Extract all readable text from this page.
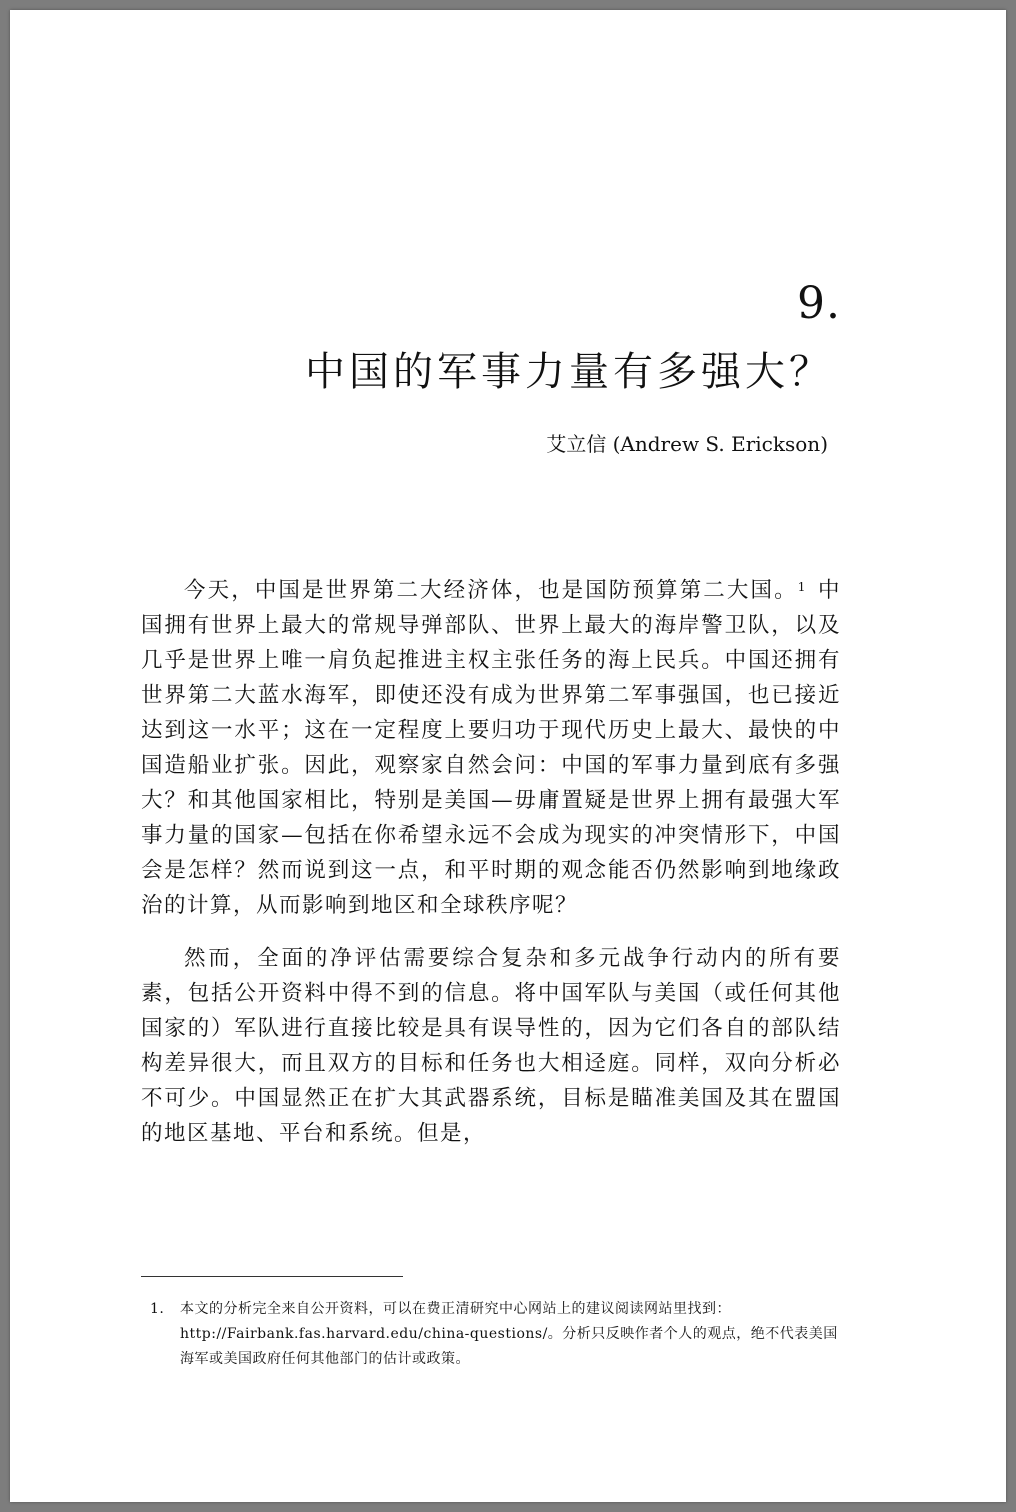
9.
中国的军事力量有多强大？
艾立信 (Andrew S. Erickson)

今天，中国是世界第二大经济体，也是国防预算第二大国。$^1$ 中国拥有世界上最大的常规导弹部队、世界上最大的海岸警卫队，以及几乎是世界上唯一肩负起推进主权主张任务的海上民兵。中国还拥有世界第二大蓝水海军，即使还没有成为世界第二军事强国，也已接近达到这一水平；这在一定程度上要归功于现代历史上最大、最快的中国造船业扩张。因此，观察家自然会问：中国的军事力量到底有多强大？和其他国家相比，特别是美国—毋庸置疑是世界上拥有最强大军事力量的国家—包括在你希望永远不会成为现实的冲突情形下，中国会是怎样？然而说到这一点，和平时期的观念能否仍然影响到地缘政治的计算，从而影响到地区和全球秩序呢？

然而，全面的净评估需要综合复杂和多元战争行动内的所有要素，包括公开资料中得不到的信息。将中国军队与美国（或任何其他国家的）军队进行直接比较是具有误导性的，因为它们各自的部队结构差异很大，而且双方的目标和任务也大相迳庭。同样，双向分析必不可少。中国显然正在扩大其武器系统，目标是瞄准美国及其在盟国的地区基地、平台和系统。但是，

1. 本文的分析完全来自公开资料，可以在费正清研究中心网站上的建议阅读网站里找到：http://Fairbank.fas.harvard.edu/china-questions/。分析只反映作者个人的观点，绝不代表美国海军或美国政府任何其他部门的估计或政策。
